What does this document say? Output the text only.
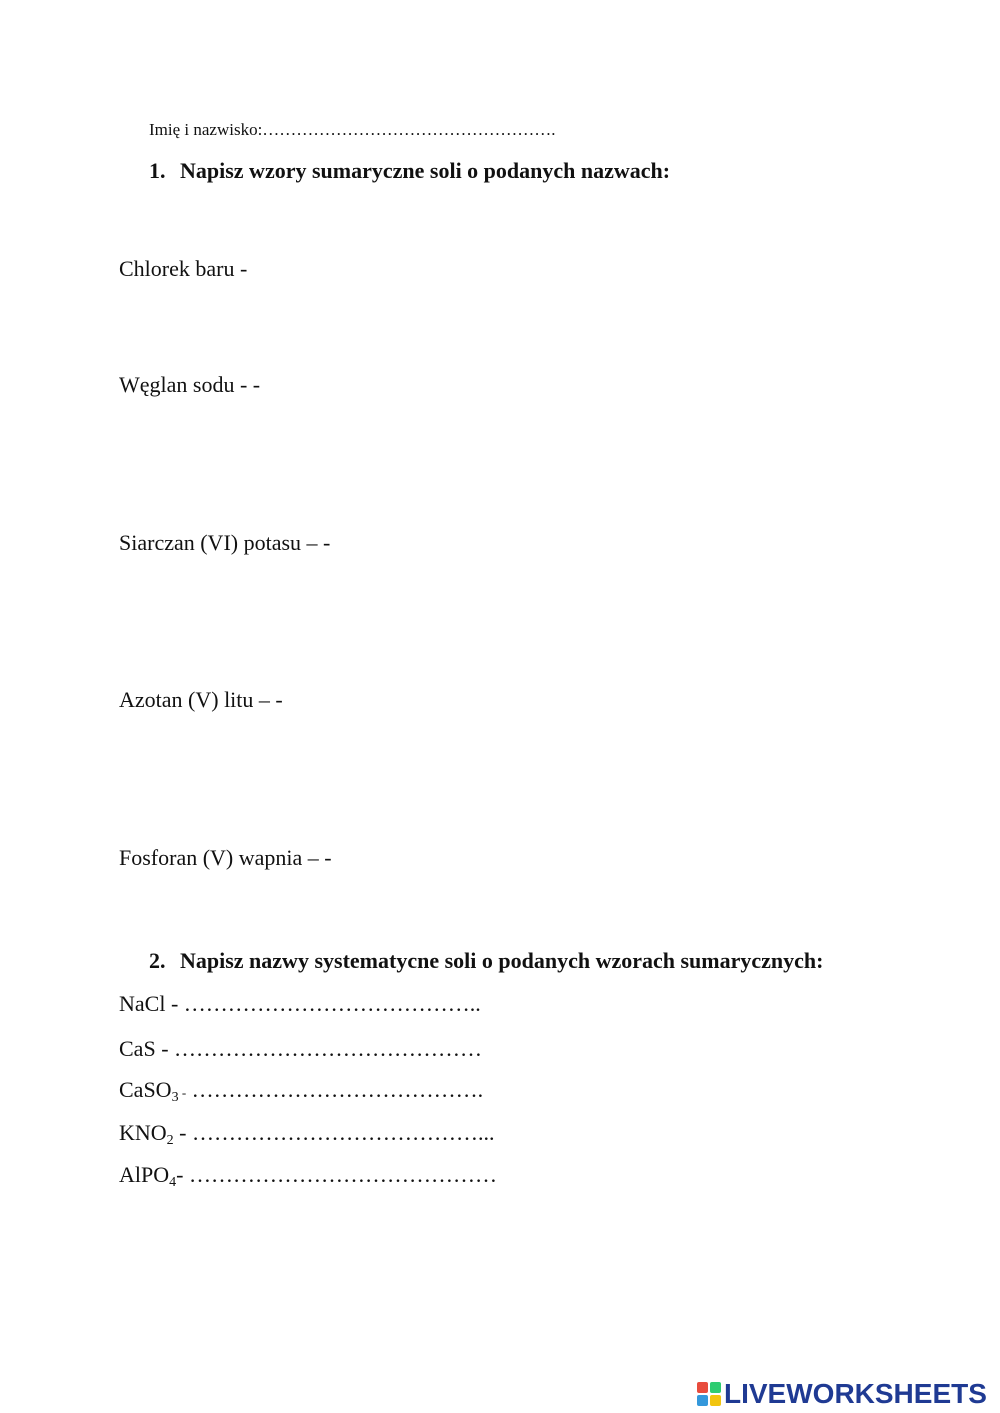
Imię i nazwisko:…………………………………………….
1. Napisz wzory sumaryczne soli o podanych nazwach:
Chlorek baru -
Węglan sodu - -
Siarczan (VI) potasu – -
Azotan (V) litu – -
Fosforan (V) wapnia – -
2. Napisz nazwy systematycne soli o podanych wzorach sumarycznych:
NaCl - …………………………………..
CaS - ……………………………………
CaSO$_3$ - ………………………………….
$KNO_2$ - …………………………………...
AlPO$_4$- ……………………………………
LIVEWORKSHEETS
